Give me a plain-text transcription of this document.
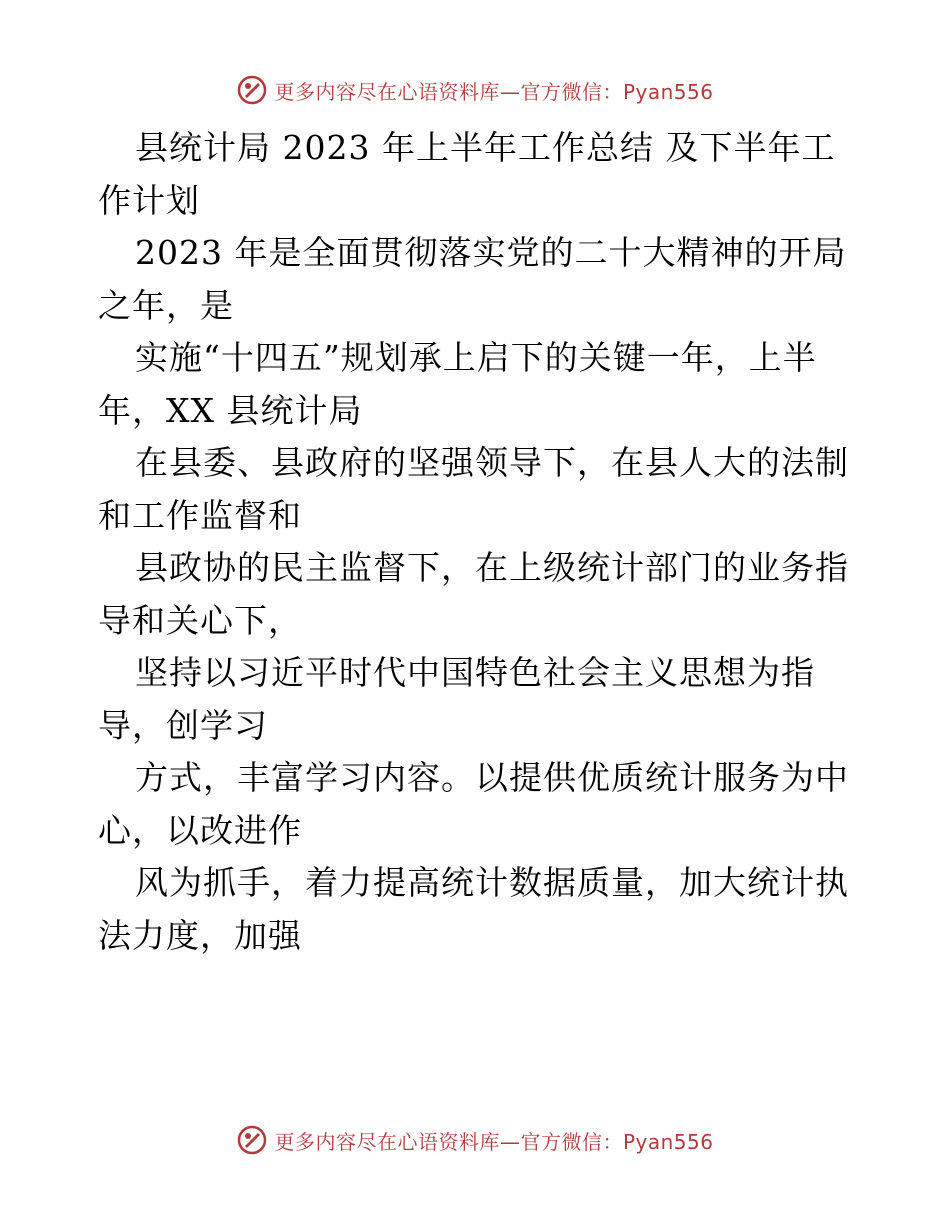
更多内容尽在心语资料库—官方微信：Pyan556
县统计局 2023 年上半年工作总结 及下半年工
作计划
2023 年是全面贯彻落实党的二十大精神的开局
之年，是
实施“十四五”规划承上启下的关键一年，上半
年，XX 县统计局
在县委、县政府的坚强领导下，在县人大的法制
和工作监督和
县政协的民主监督下，在上级统计部门的业务指
导和关心下，
坚持以习近平时代中国特色社会主义思想为指
导，创学习
方式，丰富学习内容。以提供优质统计服务为中
心，以改进作
风为抓手，着力提高统计数据质量，加大统计执
法力度，加强
更多内容尽在心语资料库—官方微信：Pyan556
